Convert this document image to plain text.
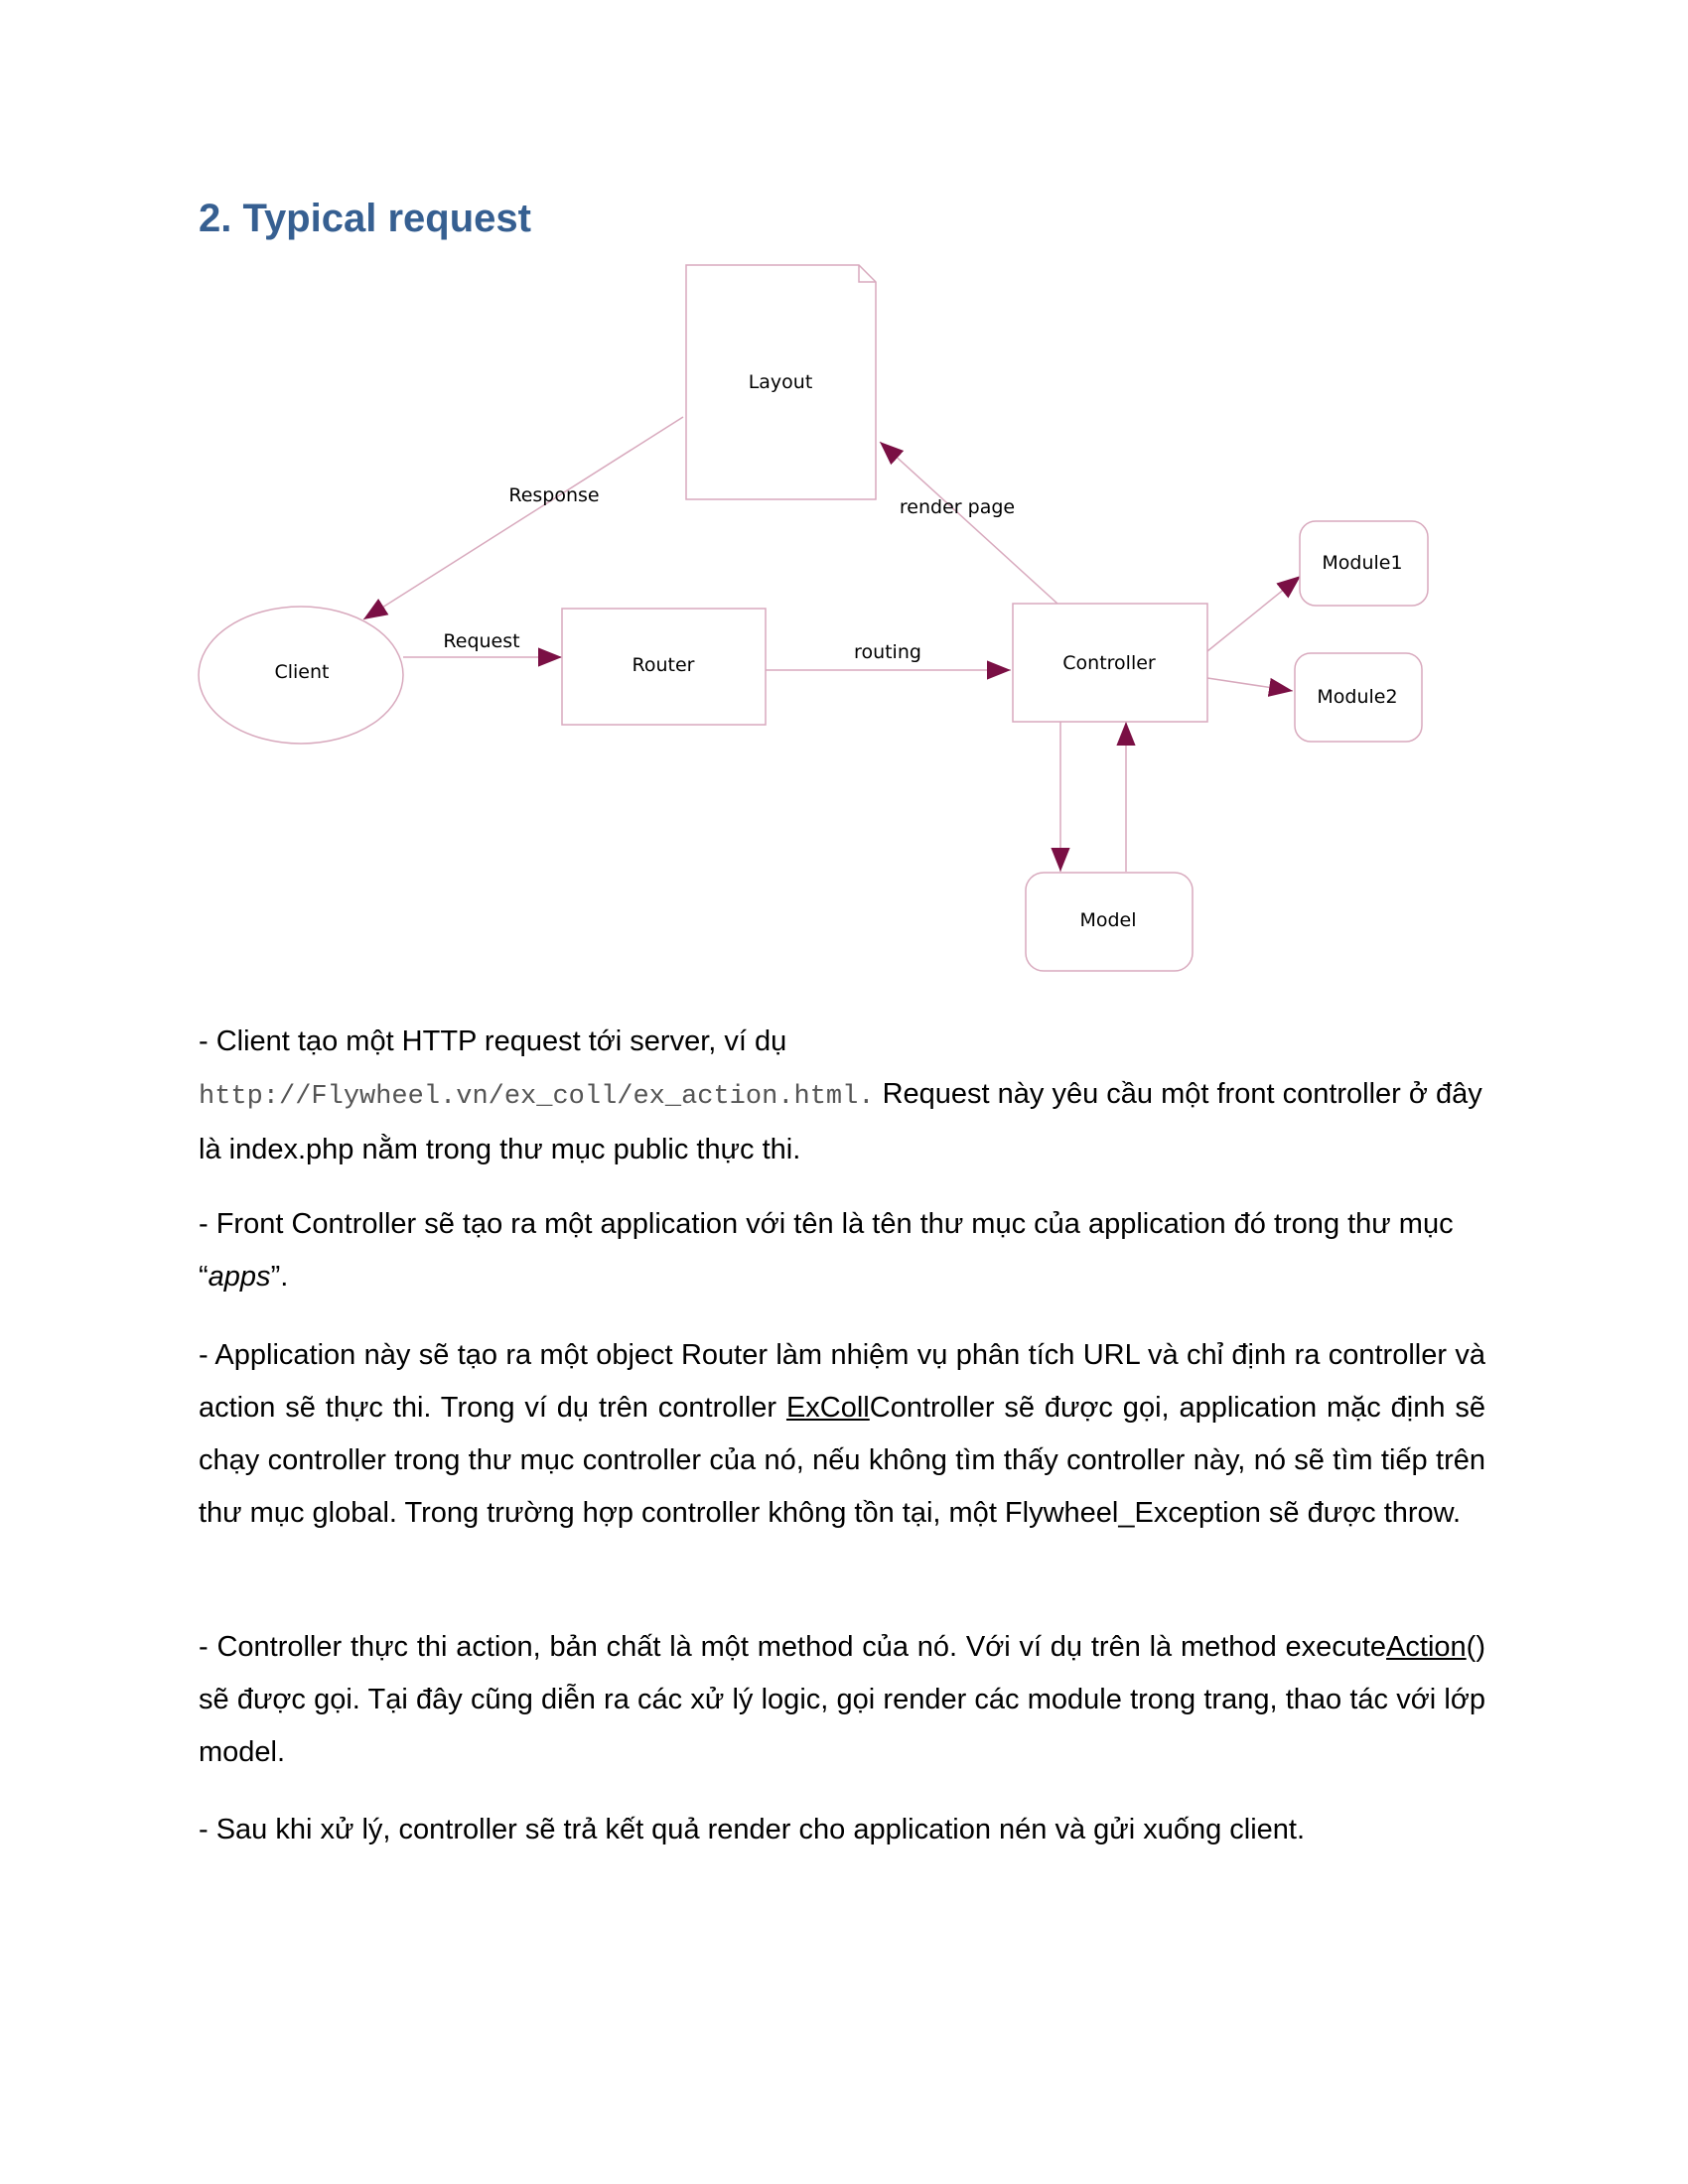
2. Typical request
Layout
Client	Router	Controller
Module1
Module2
Model
Response
Request	routing
render page

- Client tạo một HTTP request tới server, ví dụ
http://Flywheel.vn/ex_coll/ex_action.html. Request này yêu cầu một front controller ở đây là index.php nằm trong thư mục public thực thi.

- Front Controller sẽ tạo ra một application với tên là tên thư mục của application đó trong thư mục “apps”.

- Application này sẽ tạo ra một object Router làm nhiệm vụ phân tích URL và chỉ định ra controller và action sẽ thực thi. Trong ví dụ trên controller ExCollController sẽ được gọi, application mặc định sẽ chạy controller trong thư mục controller của nó, nếu không tìm thấy controller này, nó sẽ tìm tiếp trên thư mục global. Trong trường hợp controller không tồn tại, một Flywheel_Exception sẽ được throw.

- Controller thực thi action, bản chất là một method của nó. Với ví dụ trên là method executeAction() sẽ được gọi. Tại đây cũng diễn ra các xử lý logic, gọi render các module trong trang, thao tác với lớp model.

- Sau khi xử lý, controller sẽ trả kết quả render cho application nén và gửi xuống client.
